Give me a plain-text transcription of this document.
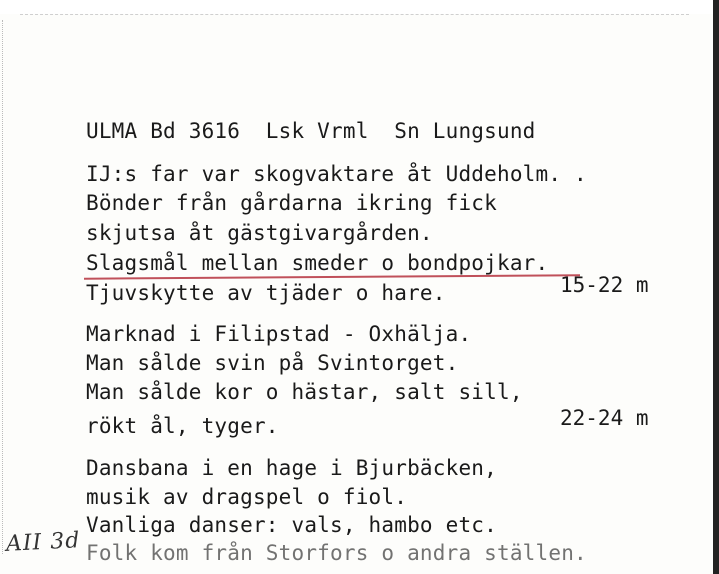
ULMA Bd 3616  Lsk Vrml  Sn Lungsund
IJ:s far var skogvaktare åt Uddeholm. .
Bönder från gårdarna ikring fick
skjutsa åt gästgivargården.
Slagsmål mellan smeder o bondpojkar.
Tjuvskytte av tjäder o hare.	15-22 m
Marknad i Filipstad - Oxhälja.
Man sålde svin på Svintorget.
Man sålde kor o hästar, salt sill,
rökt ål, tyger.	22-24 m
Dansbana i en hage i Bjurbäcken,
musik av dragspel o fiol.
Vanliga danser: vals, hambo etc.
Folk kom från Storfors o andra ställen.
AII 3d
